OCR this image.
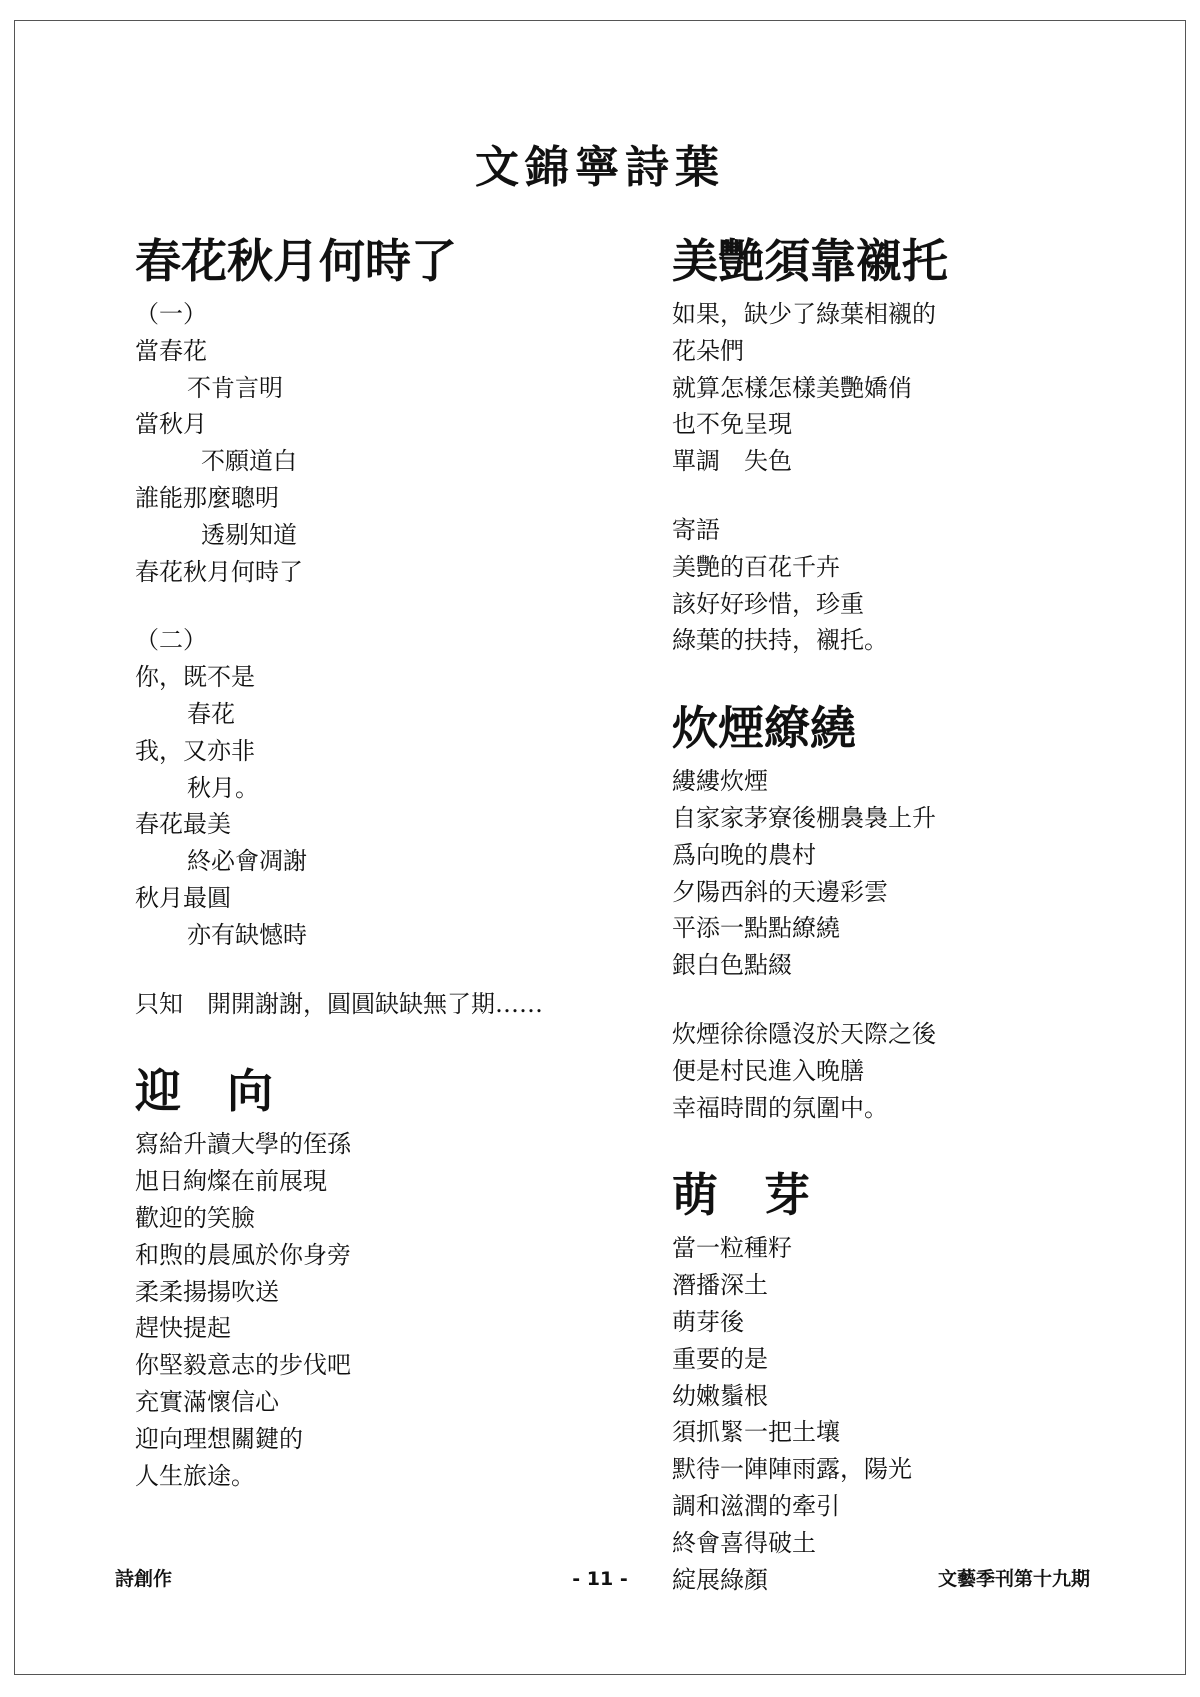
文錦寧詩葉
春花秋月何時了
（一）
當春花
不肯言明
當秋月
不願道白
誰能那麼聰明
透剔知道
春花秋月何時了
（二）
你，既不是
春花
我，又亦非
秋月。
春花最美
終必會凋謝
秋月最圓
亦有缺憾時
只知　開開謝謝，圓圓缺缺無了期……
迎　向
寫給升讀大學的侄孫
旭日絢燦在前展現
歡迎的笑臉
和煦的晨風於你身旁
柔柔揚揚吹送
趕快提起
你堅毅意志的步伐吧
充實滿懷信心
迎向理想關鍵的
人生旅途。
美艷須靠襯托
如果，缺少了綠葉相襯的
花朵們
就算怎樣怎樣美艷嬌俏
也不免呈現
單調　失色
寄語
美艷的百花千卉
該好好珍惜，珍重
綠葉的扶持，襯托。
炊煙繚繞
縷縷炊煙
自家家茅寮後棚裊裊上升
爲向晚的農村
夕陽西斜的天邊彩雲
平添一點點繚繞
銀白色點綴
炊煙徐徐隱沒於天際之後
便是村民進入晚膳
幸福時間的氛圍中。
萌　芽
當一粒種籽
潛播深土
萌芽後
重要的是
幼嫩鬚根
須抓緊一把土壤
默待一陣陣雨露，陽光
調和滋潤的牽引
終會喜得破土
綻展綠顏
詩創作	- 11 -	文藝季刊第十九期
